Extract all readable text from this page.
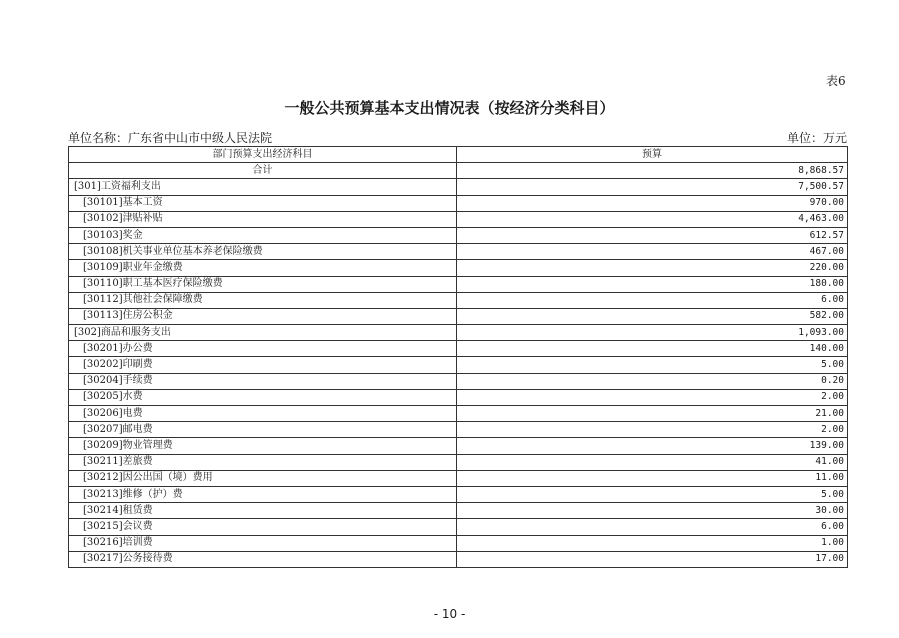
表6
一般公共预算基本支出情况表（按经济分类科目）
单位名称：广东省中山市中级人民法院	单位：万元
部门预算支出经济科目	预算
合计	8,868.57
[301]工资福利支出	7,500.57
[30101]基本工资	970.00
[30102]津贴补贴	4,463.00
[30103]奖金	612.57
[30108]机关事业单位基本养老保险缴费	467.00
[30109]职业年金缴费	220.00
[30110]职工基本医疗保险缴费	180.00
[30112]其他社会保障缴费	6.00
[30113]住房公积金	582.00
[302]商品和服务支出	1,093.00
[30201]办公费	140.00
[30202]印刷费	5.00
[30204]手续费	0.20
[30205]水费	2.00
[30206]电费	21.00
[30207]邮电费	2.00
[30209]物业管理费	139.00
[30211]差旅费	41.00
[30212]因公出国（境）费用	11.00
[30213]维修（护）费	5.00
[30214]租赁费	30.00
[30215]会议费	6.00
[30216]培训费	1.00
[30217]公务接待费	17.00
- 10 -
